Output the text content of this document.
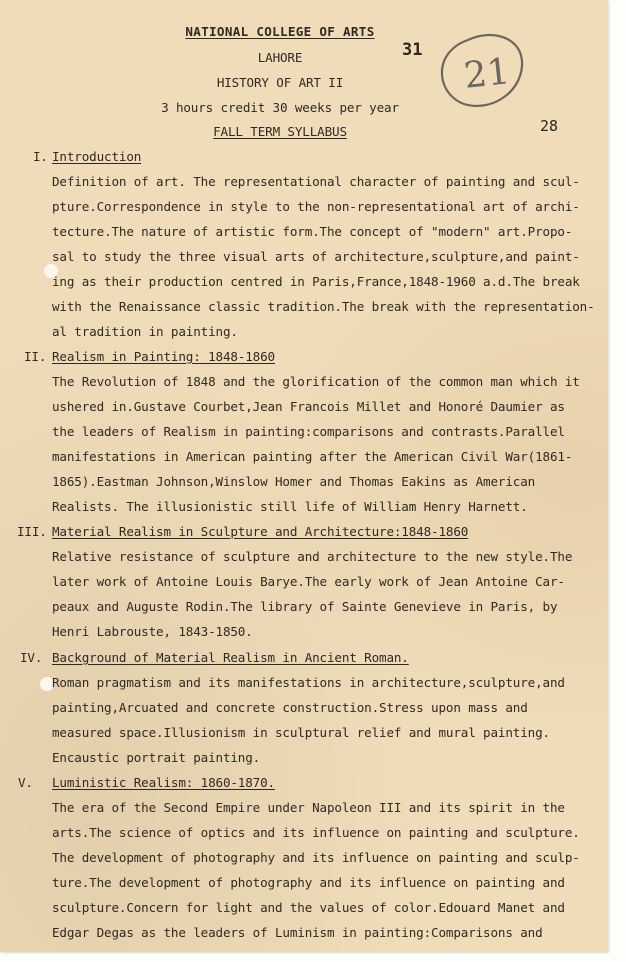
NATIONAL COLLEGE OF ARTS
LAHORE
HISTORY OF ART II
3 hours credit 30 weeks per year
FALL TERM SYLLABUS
31
28
21
I. Introduction
Definition of art. The representational character of painting and scul-
pture.Correspondence in style to the non-representational art of archi-
tecture.The nature of artistic form.The concept of "modern" art.Propo-
sal to study the three visual arts of architecture,sculpture,and paint-
ing as their production centred in Paris,France,1848-1960 a.d.The break
with the Renaissance classic tradition.The break with the representation-
al tradition in painting.
II. Realism in Painting: 1848-1860
The Revolution of 1848 and the glorification of the common man which it
ushered in.Gustave Courbet,Jean Francois Millet and Honoré Daumier as
the leaders of Realism in painting:comparisons and contrasts.Parallel
manifestations in American painting after the American Civil War(1861-
1865).Eastman Johnson,Winslow Homer and Thomas Eakins as American
Realists. The illusionistic still life of William Henry Harnett.
III. Material Realism in Sculpture and Architecture:1848-1860
Relative resistance of sculpture and architecture to the new style.The
later work of Antoine Louis Barye.The early work of Jean Antoine Car-
peaux and Auguste Rodin.The library of Sainte Genevieve in Paris, by
Henri Labrouste, 1843-1850.
IV. Background of Material Realism in Ancient Roman.
Roman pragmatism and its manifestations in architecture,sculpture,and
painting,Arcuated and concrete construction.Stress upon mass and
measured space.Illusionism in sculptural relief and mural painting.
Encaustic portrait painting.
V. Luministic Realism: 1860-1870.
The era of the Second Empire under Napoleon III and its spirit in the
arts.The science of optics and its influence on painting and sculpture.
The development of photography and its influence on painting and sculp-
ture.The development of photography and its influence on painting and
sculpture.Concern for light and the values of color.Edouard Manet and
Edgar Degas as the leaders of Luminism in painting:Comparisons and
